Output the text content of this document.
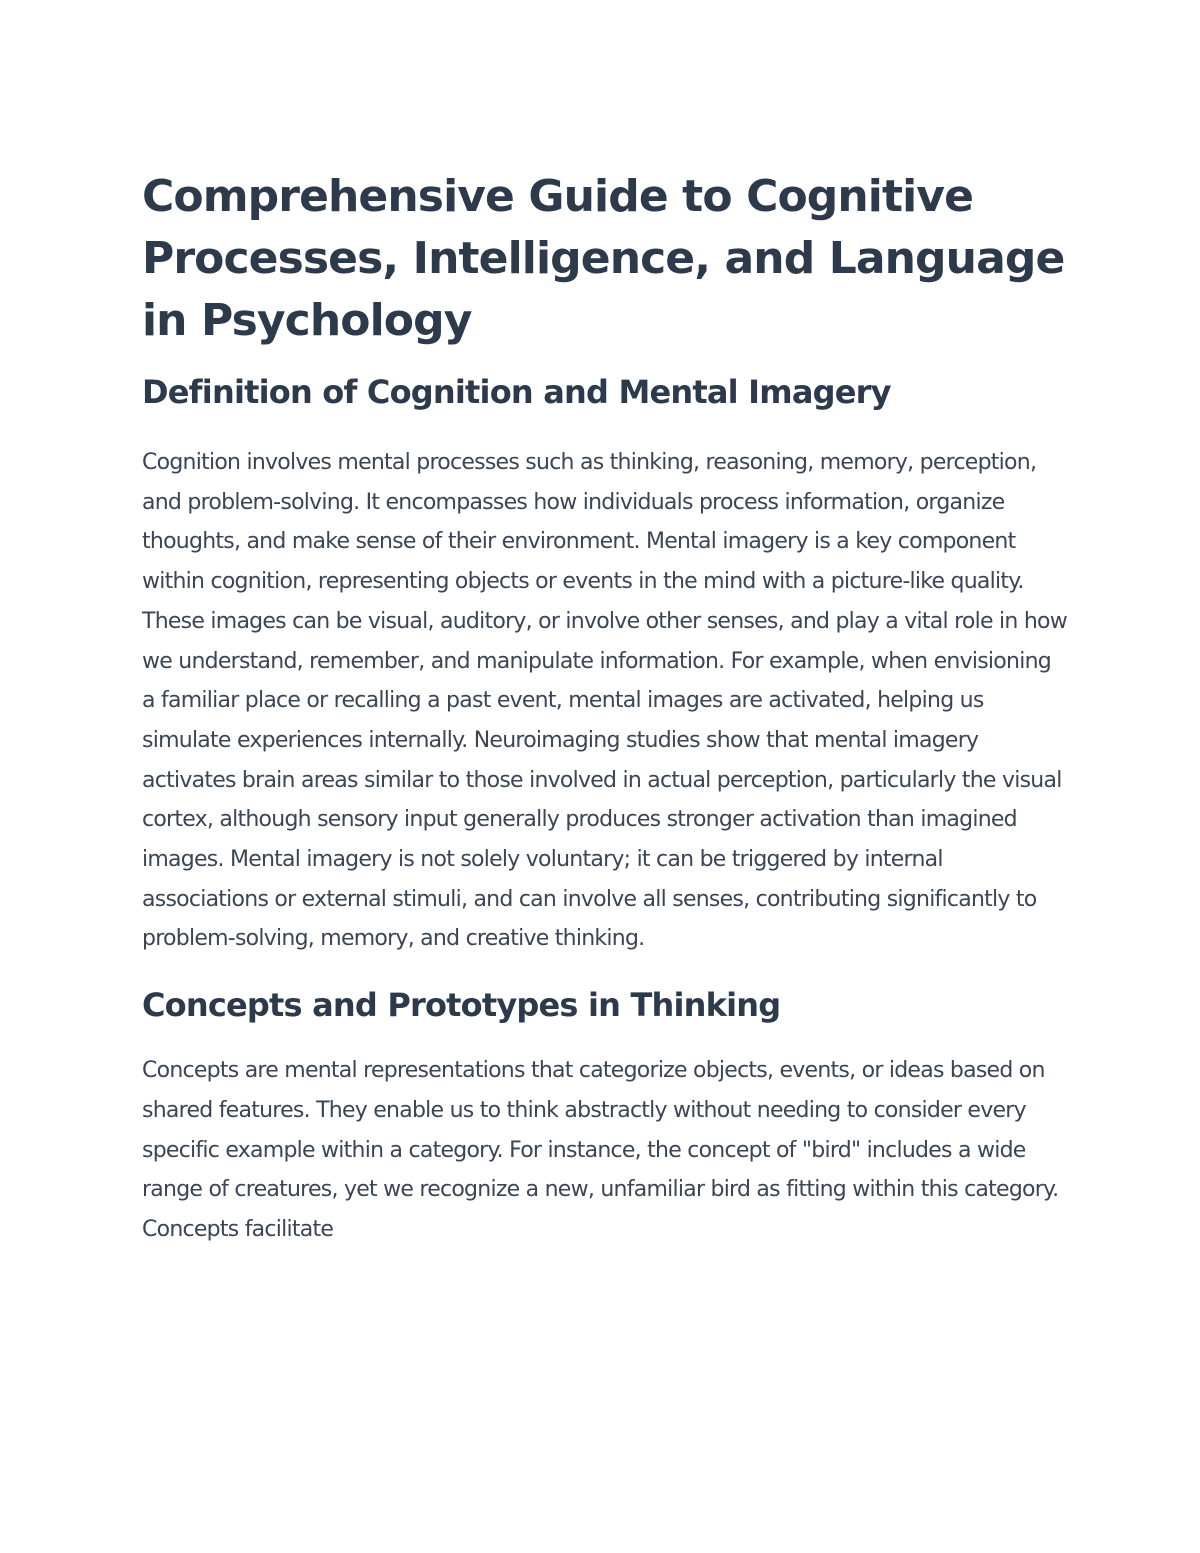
Comprehensive Guide to Cognitive Processes, Intelligence, and Language in Psychology
Definition of Cognition and Mental Imagery

Cognition involves mental processes such as thinking, reasoning, memory, perception, and problem-solving. It encompasses how individuals process information, organize thoughts, and make sense of their environment. Mental imagery is a key component within cognition, representing objects or events in the mind with a picture-like quality. These images can be visual, auditory, or involve other senses, and play a vital role in how we understand, remember, and manipulate information. For example, when envisioning a familiar place or recalling a past event, mental images are activated, helping us simulate experiences internally. Neuroimaging studies show that mental imagery activates brain areas similar to those involved in actual perception, particularly the visual cortex, although sensory input generally produces stronger activation than imagined images. Mental imagery is not solely voluntary; it can be triggered by internal associations or external stimuli, and can involve all senses, contributing significantly to problem-solving, memory, and creative thinking.

Concepts and Prototypes in Thinking

Concepts are mental representations that categorize objects, events, or ideas based on shared features. They enable us to think abstractly without needing to consider every specific example within a category. For instance, the concept of "bird" includes a wide range of creatures, yet we recognize a new, unfamiliar bird as fitting within this category. Concepts facilitate
